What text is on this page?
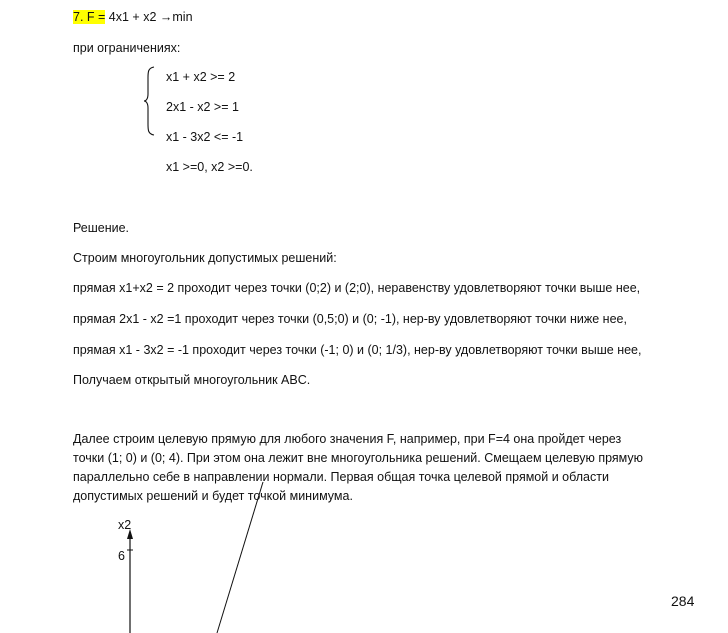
7. F = 4x1 + x2 →min
при ограничениях:
x1 + x2 >= 2
2x1 - x2 >= 1
x1 - 3x2 <= -1
x1 >=0, x2 >=0.
Решение.
Строим многоугольник допустимых решений:
прямая x1+x2 = 2 проходит через точки (0;2) и (2;0), неравенству удовлетворяют точки выше нее,
прямая 2x1 - x2 =1 проходит через точки (0,5;0) и (0; -1), нер-ву удовлетворяют точки ниже нее,
прямая x1 - 3x2 = -1 проходит через точки (-1; 0) и (0; 1/3), нер-ву удовлетворяют точки выше нее,
Получаем открытый многоугольник ABC.
Далее строим целевую прямую для любого значения F, например, при F=4 она пройдет через
точки (1; 0) и (0; 4). При этом она лежит вне многоугольника решений. Смещаем целевую прямую
параллельно себе в направлении нормали. Первая общая точка целевой прямой и области
допустимых решений и будет точкой минимума.
x2
6
284
